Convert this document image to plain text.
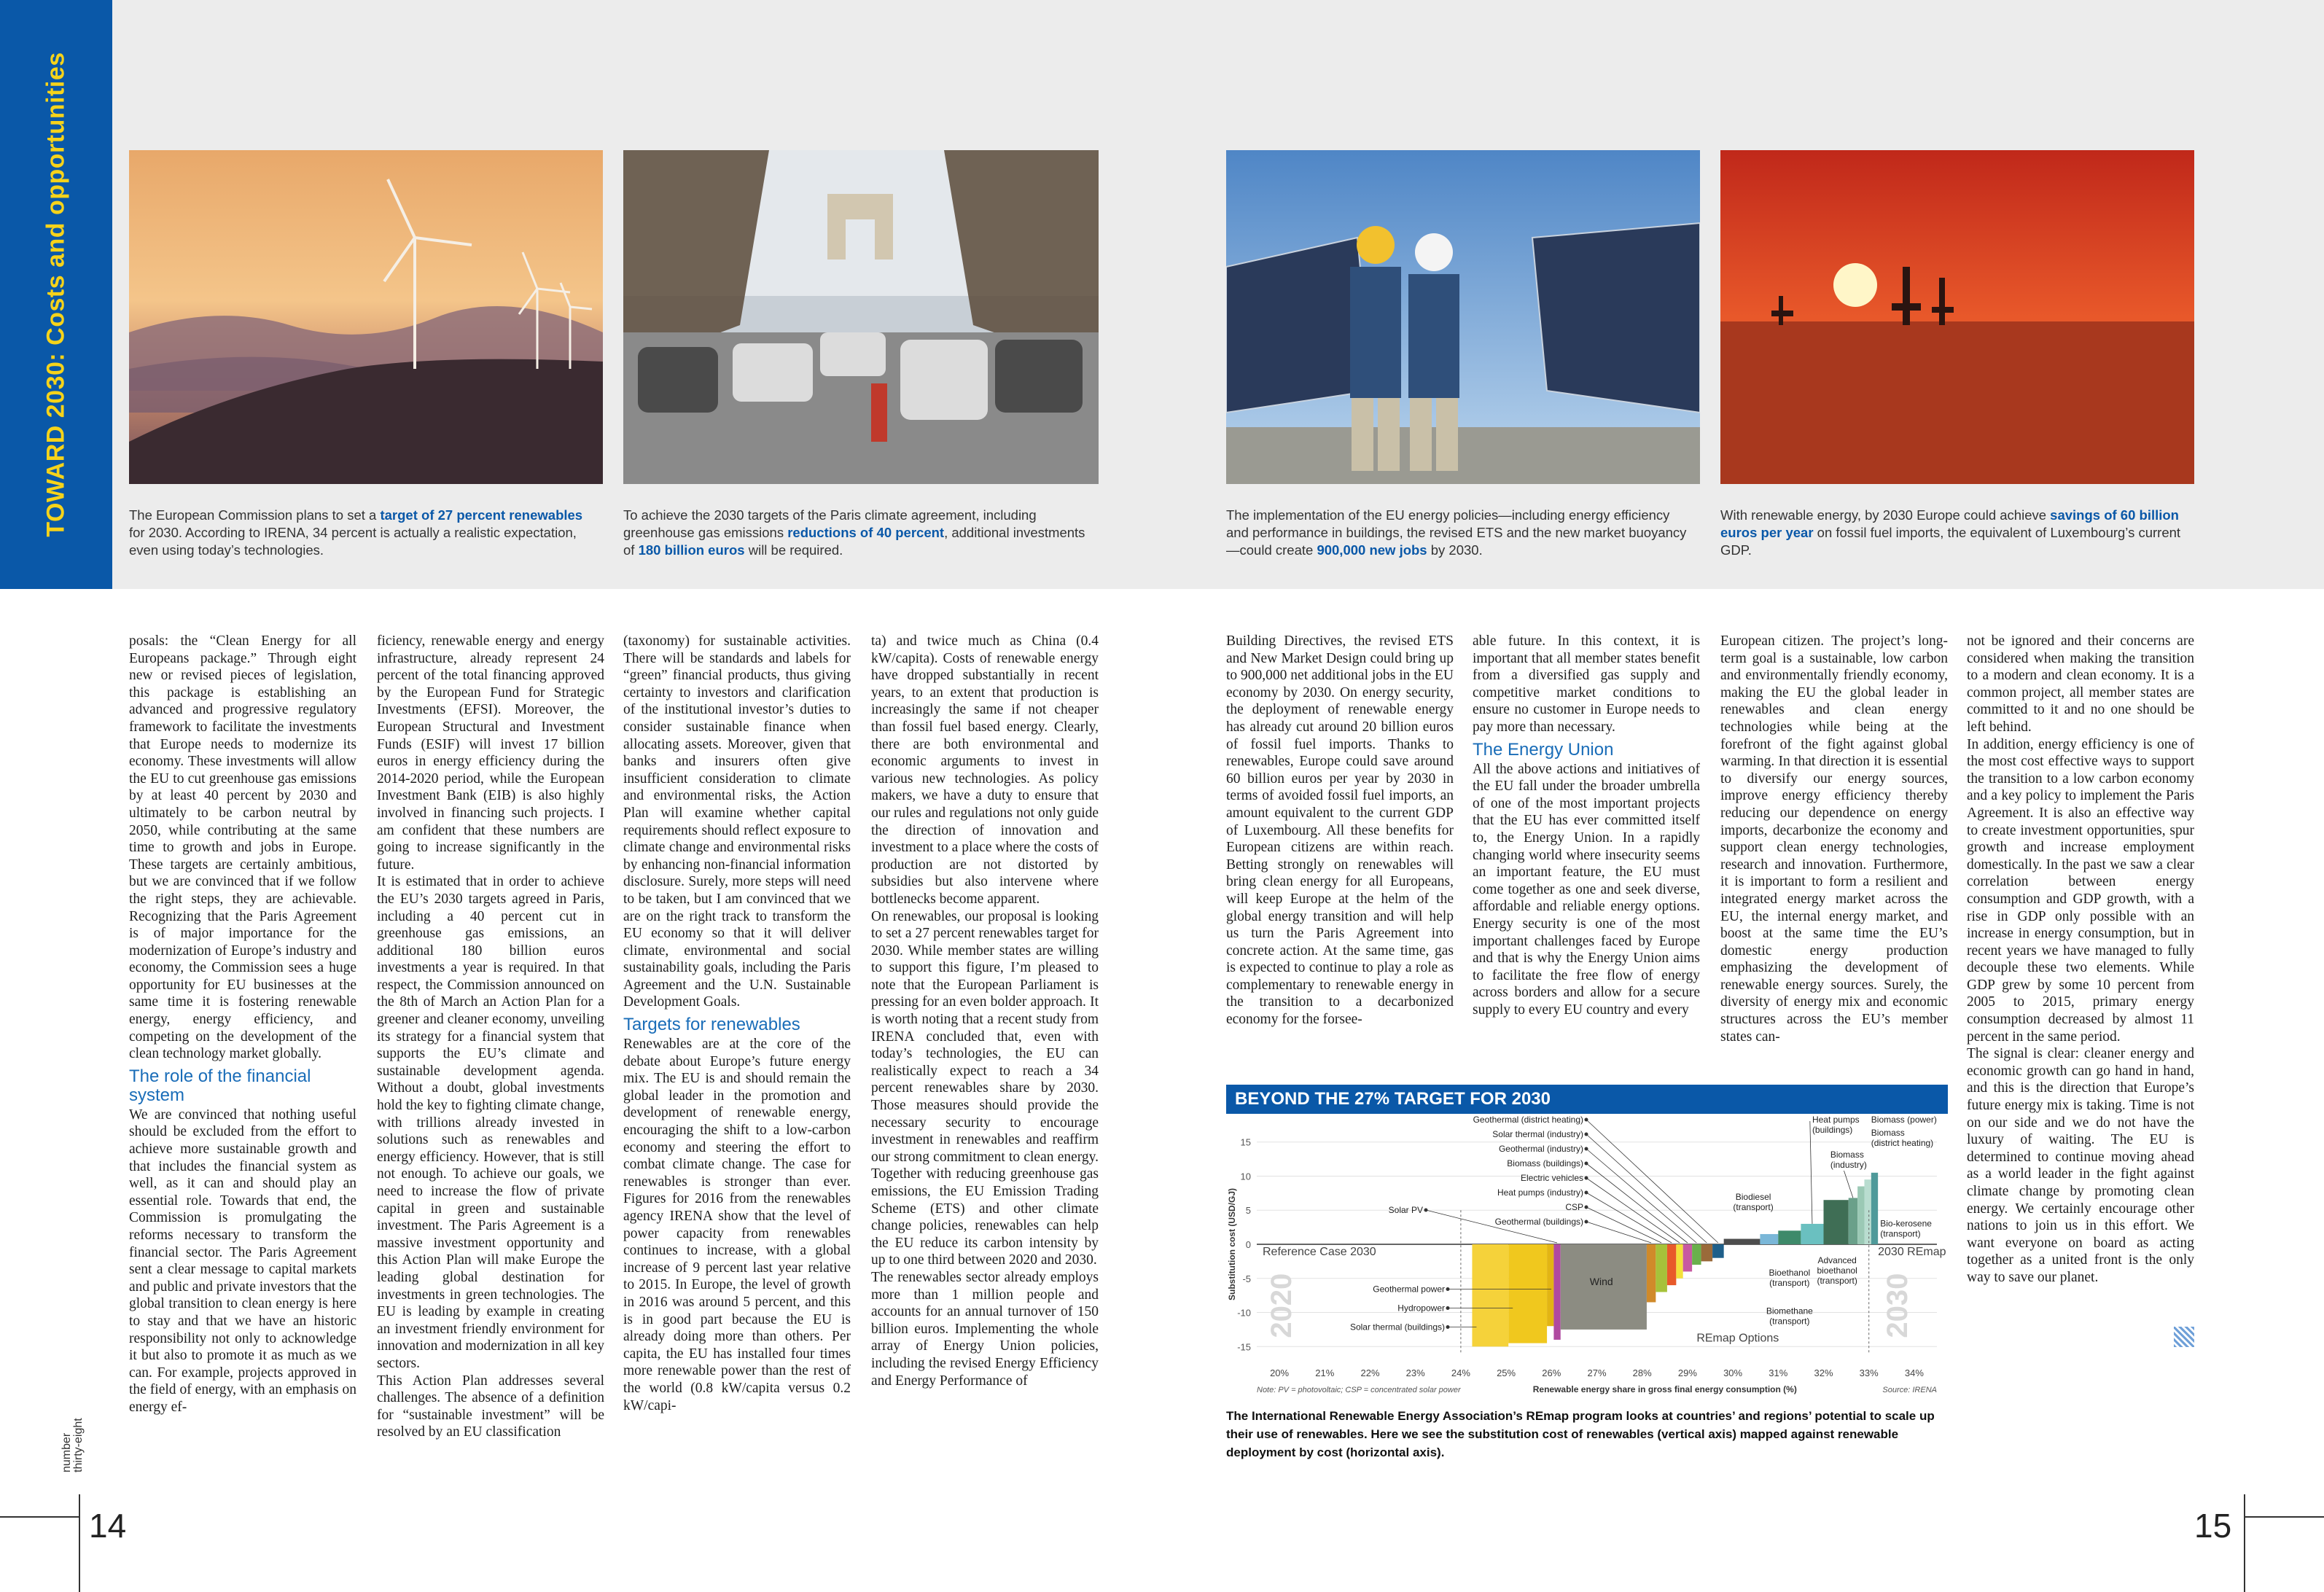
TOWARD 2030: Costs and opportunities	The European Commission plans to set a target of 27 percent renewables for 2030. According to IRENA, 34 percent is actually a realistic expectation, even using today’s technologies.
To achieve the 2030 targets of the Paris climate agreement, including greenhouse gas emissions reductions of 40 percent, additional investments of 180 billion euros will be required.
The implementation of the EU energy policies—including energy efficiency and performance in buildings, the revised ETS and the new market buoyancy—could create 900,000 new jobs by 2030.
With renewable energy, by 2030 Europe could achieve savings of 60 billion euros per year on fossil fuel imports, the equivalent of Luxembourg’s current GDP.

posals: the “Clean Energy for all Europeans package.” Through eight new or revised pieces of legislation, this package is establishing an advanced and progressive regulatory framework to facilitate the investments that Europe needs to modernize its economy. These investments will allow the EU to cut greenhouse gas emissions by at least 40 percent by 2030 and ultimately to be carbon neutral by 2050, while contributing at the same time to growth and jobs in Europe. These targets are certainly ambitious, but we are convinced that if we follow the right steps, they are achievable. Recognizing that the Paris Agreement is of major importance for the modernization of Europe’s industry and economy, the Commission sees a huge opportunity for EU businesses at the same time it is fostering renewable energy, energy efficiency, and competing on the development of the clean technology market globally.

The role of the financial system

We are convinced that nothing useful should be excluded from the effort to achieve more sustainable growth and that includes the financial system as well, as it can and should play an essential role. Towards that end, the Commission is promulgating the reforms necessary to transform the financial sector. The Paris Agreement sent a clear message to capital markets and public and private investors that the global transition to clean energy is here to stay and that we have an historic responsibility not only to acknowledge it but also to promote it as much as we can. For example, projects approved in the field of energy, with an emphasis on energy ef-

ficiency, renewable energy and energy infrastructure, already represent 24 percent of the total financing approved by the European Fund for Strategic Investments (EFSI). Moreover, the European Structural and Investment Funds (ESIF) will invest 17 billion euros in energy efficiency during the 2014-2020 period, while the European Investment Bank (EIB) is also highly involved in financing such projects. I am confident that these numbers are going to increase significantly in the future.

It is estimated that in order to achieve the EU’s 2030 targets agreed in Paris, including a 40 percent cut in greenhouse gas emissions, an additional 180 billion euros investments a year is required. In that respect, the Commission announced on the 8th of March an Action Plan for a greener and cleaner economy, unveiling its strategy for a financial system that supports the EU’s climate and sustainable development agenda. Without a doubt, global investments hold the key to fighting climate change, with trillions already invested in solutions such as renewables and energy efficiency. However, that is still not enough. To achieve our goals, we need to increase the flow of private capital in green and sustainable investment. The Paris Agreement is a massive investment opportunity and this Action Plan will make Europe the leading global destination for investments in green technologies. The EU is leading by example in creating an investment friendly environment for innovation and modernization in all key sectors.

This Action Plan addresses several challenges. The absence of a definition for “sustainable investment” will be resolved by an EU classification

(taxonomy) for sustainable activities. There will be standards and labels for “green” financial products, thus giving certainty to investors and clarification of the institutional investor’s duties to consider sustainable finance when allocating assets. Moreover, given that banks and insurers often give insufficient consideration to climate and environmental risks, the Action Plan will examine whether capital requirements should reflect exposure to climate change and environmental risks by enhancing non-financial information disclosure. Surely, more steps will need to be taken, but I am convinced that we are on the right track to transform the EU economy so that it will deliver climate, environmental and social sustainability goals, including the Paris Agreement and the U.N. Sustainable Development Goals.

Targets for renewables

Renewables are at the core of the debate about Europe’s future energy mix. The EU is and should remain the global leader in the promotion and development of renewable energy, encouraging the shift to a low-carbon economy and steering the effort to combat climate change. The case for renewables is stronger than ever. Figures for 2016 from the renewables agency IRENA show that the level of power capacity from renewables continues to increase, with a global increase of 9 percent last year relative to 2015. In Europe, the level of growth in 2016 was around 5 percent, and this is in good part because the EU is already doing more than others. Per capita, the EU has installed four times more renewable power than the rest of the world (0.8 kW/capita versus 0.2 kW/capi-

ta) and twice much as China (0.4 kW/capita). Costs of renewable energy have dropped substantially in recent years, to an extent that production is increasingly the same if not cheaper than fossil fuel based energy. Clearly, there are both environmental and economic arguments to invest in various new technologies. As policy makers, we have a duty to ensure that our rules and regulations not only guide the direction of innovation and investment to a place where the costs of production are not distorted by subsidies but also intervene where bottlenecks become apparent.

On renewables, our proposal is looking to set a 27 percent renewables target for 2030. While member states are willing to support this figure, I’m pleased to note that the European Parliament is pressing for an even bolder approach. It is worth noting that a recent study from IRENA concluded that, even with today’s technologies, the EU can realistically expect to reach a 34 percent renewables share by 2030. Those measures should provide the necessary security to encourage investment in renewables and reaffirm our strong commitment to clean energy. Together with reducing greenhouse gas emissions, the EU Emission Trading Scheme (ETS) and other climate change policies, renewables can help the EU reduce its carbon intensity by up to one third between 2020 and 2030.

The renewables sector already employs more than 1 million people and accounts for an annual turnover of 150 billion euros. Implementing the whole array of Energy Union policies, including the revised Energy Efficiency and Energy Performance of

Building Directives, the revised ETS and New Market Design could bring up to 900,000 net additional jobs in the EU economy by 2030. On energy security, the deployment of renewable energy has already cut around 20 billion euros of fossil fuel imports. Thanks to renewables, Europe could save around 60 billion euros per year by 2030 in terms of avoided fossil fuel imports, an amount equivalent to the current GDP of Luxembourg. All these benefits for European citizens are within reach. Betting strongly on renewables will bring clean energy for all Europeans, will keep Europe at the helm of the global energy transition and will help us turn the Paris Agreement into concrete action. At the same time, gas is expected to continue to play a role as complementary to renewable energy in the transition to a decarbonized economy for the forsee-

able future. In this context, it is important that all member states benefit from a diversified gas supply and competitive market conditions to ensure no customer in Europe needs to pay more than necessary.

The Energy Union

All the above actions and initiatives of the EU fall under the broader umbrella of one of the most important projects that the EU has ever committed itself to, the Energy Union. In a rapidly changing world where insecurity seems an important feature, the EU must come together as one and seek diverse, affordable and reliable energy options. Energy security is one of the most important challenges faced by Europe and that is why the Energy Union aims to facilitate the free flow of energy across borders and allow for a secure supply to every EU country and every

European citizen. The project’s long-term goal is a sustainable, low carbon and environmentally friendly economy, making the EU the global leader in renewables and clean energy technologies while being at the forefront of the fight against global warming. In that direction it is essential to diversify our energy sources, improve energy efficiency thereby reducing our dependence on energy imports, decarbonize the economy and support clean energy technologies, research and innovation. Furthermore, it is important to form a resilient and integrated energy market across the EU, the internal energy market, and boost at the same time the EU’s domestic energy production emphasizing the development of renewable energy sources. Surely, the diversity of energy mix and economic structures across the EU’s member states can-

not be ignored and their concerns are considered when making the transition to a modern and clean economy. It is a common project, all member states are committed to it and no one should be left behind.

In addition, energy efficiency is one of the most cost effective ways to support the transition to a low carbon economy and a key policy to implement the Paris Agreement. It is also an effective way to create investment opportunities, spur growth and increase employment domestically. In the past we saw a clear correlation between energy consumption and GDP growth, with a rise in GDP only possible with an increase in energy consumption, but in recent years we have managed to fully decouple these two elements. While GDP grew by some 10 percent from 2005 to 2015, primary energy consumption decreased by almost 11 percent in the same period.

The signal is clear: cleaner energy and economic growth can go hand in hand, and this is the direction that Europe’s future energy mix is taking. Time is not on our side and we do not have the luxury of waiting. The EU is determined to continue moving ahead as a world leader in the fight against climate change by promoting clean energy. We certainly encourage other nations to join us in this effort. We want everyone on board as acting together as a united front is the only way to save our planet.

BEYOND THE 27% TARGET FOR 2030
15
10
5
0
-5
-10
-15
2020	2030
Reference Case 2030	2030 REmap
REmap Options
20%	21%	22%	23%	24%	25%	26%	27%	28%	29%	30%	31%	32%	33%	34%
Substitution cost (USD/GJ)
Renewable energy share in gross final energy consumption (%)
Note: PV = photovoltaic; CSP = concentrated solar power	Source: IRENA
Geothermal (district heating)
Solar thermal (industry)
Geothermal (industry)
Biomass (buildings)
Electric vehicles
Heat pumps (industry)
CSP
Geothermal (buildings)
Solar PV
Geothermal power
Hydropower
Solar thermal (buildings)
Wind
Biodiesel
(transport)
Heat pumps
(buildings)
Biomass
(industry)
Biomass (power)
Biomass
(district heating)
Bio-kerosene
(transport)
Bioethanol
(transport)
Advanced
bioethanol
(transport)
Biomethane
(transport)
The International Renewable Energy Association’s REmap program looks at countries’ and regions’ potential to scale up their use of renewables. Here we see the substitution cost of renewables (vertical axis) mapped against renewable deployment by cost (horizontal axis).
14
number thirty-eight
15
